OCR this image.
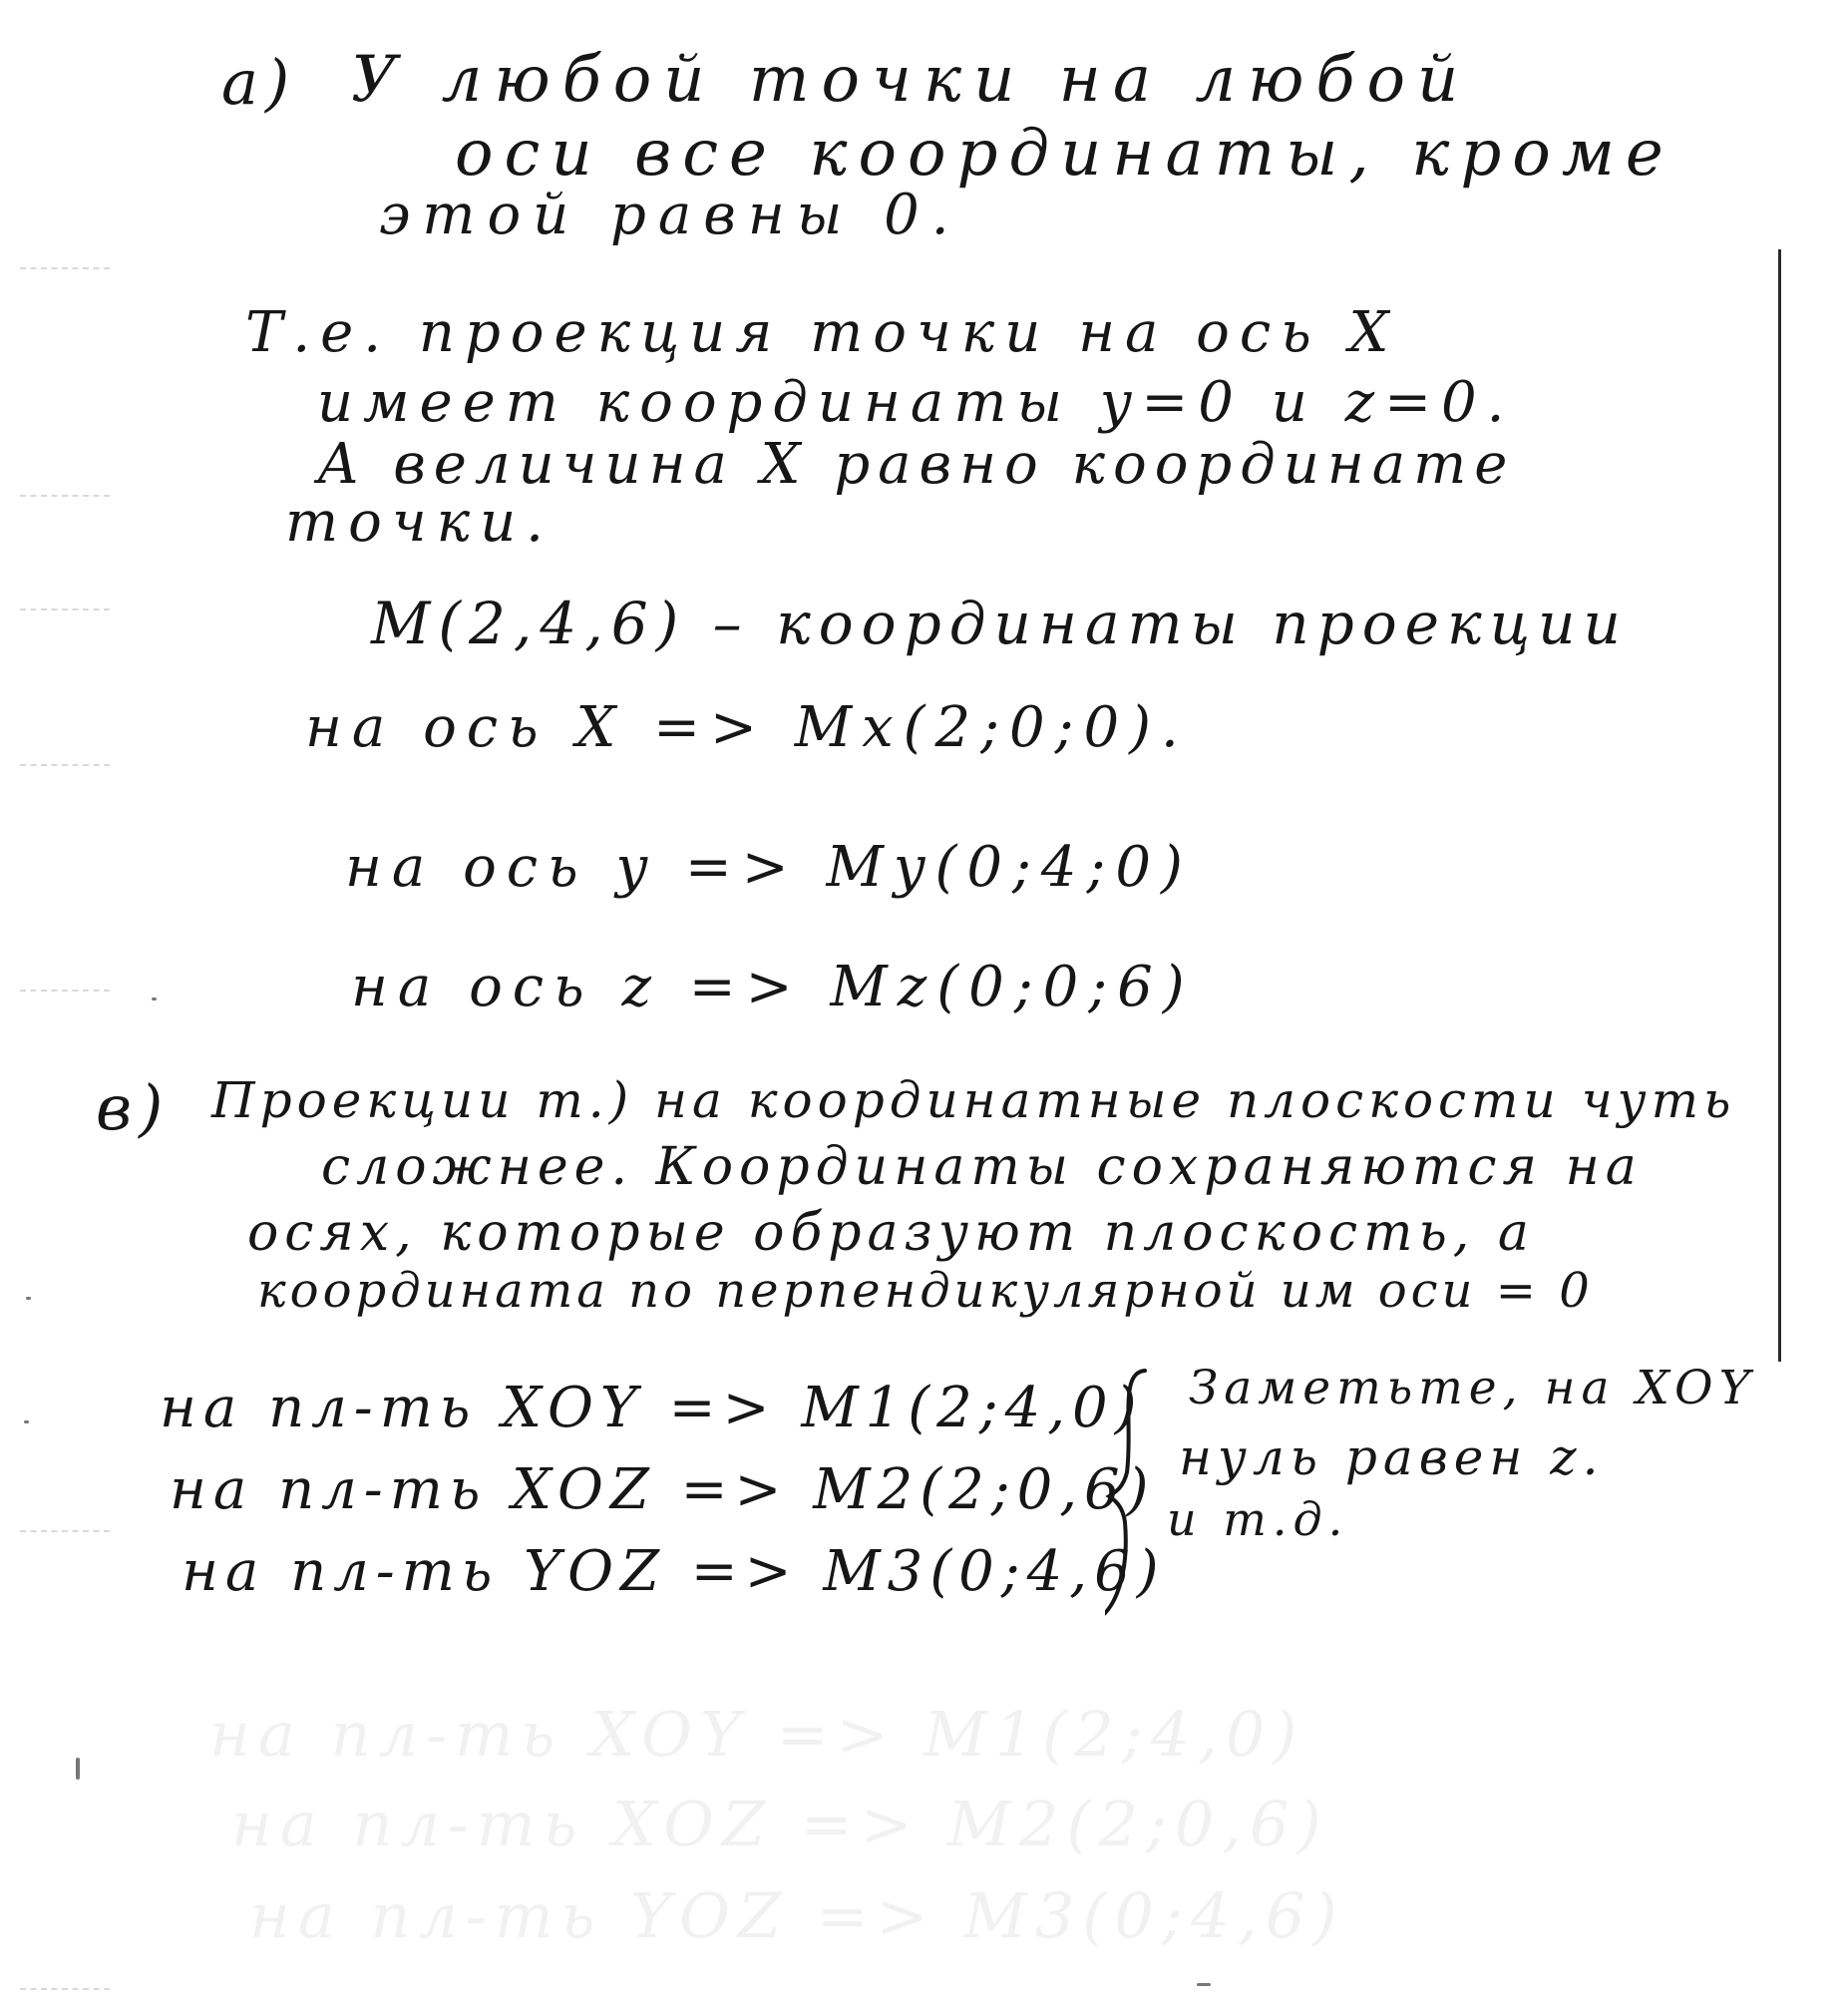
a) У любой точки на любой
оси все координаты, кроме
этой равны 0.
Т.е. проекция точки на ось X
имеет координаты y=0 и z=0.
А величина X равно координате
точки.
M(2,4,6) – координаты проекции
на ось X => Mx(2;0;0).
на ось y => My(0;4;0)
на ось z => Mz(0;0;6)
в) Проекции т.) на координатные плоскости чуть
сложнее. Координаты сохраняются на
осях, которые образуют плоскость, а
координата по перпендикулярной им оси = 0
на пл-ть XOY => M1(2;4,0)
на пл-ть XOZ => M2(2;0,6)
на пл-ть YOZ => M3(0;4,6)
Заметьте, на XOY
нуль равен z.
и т.д.
на пл-ть XOY => M1(2;4,0)
на пл-ть XOZ => M2(2;0,6)
на пл-ть YOZ => M3(0;4,6)
